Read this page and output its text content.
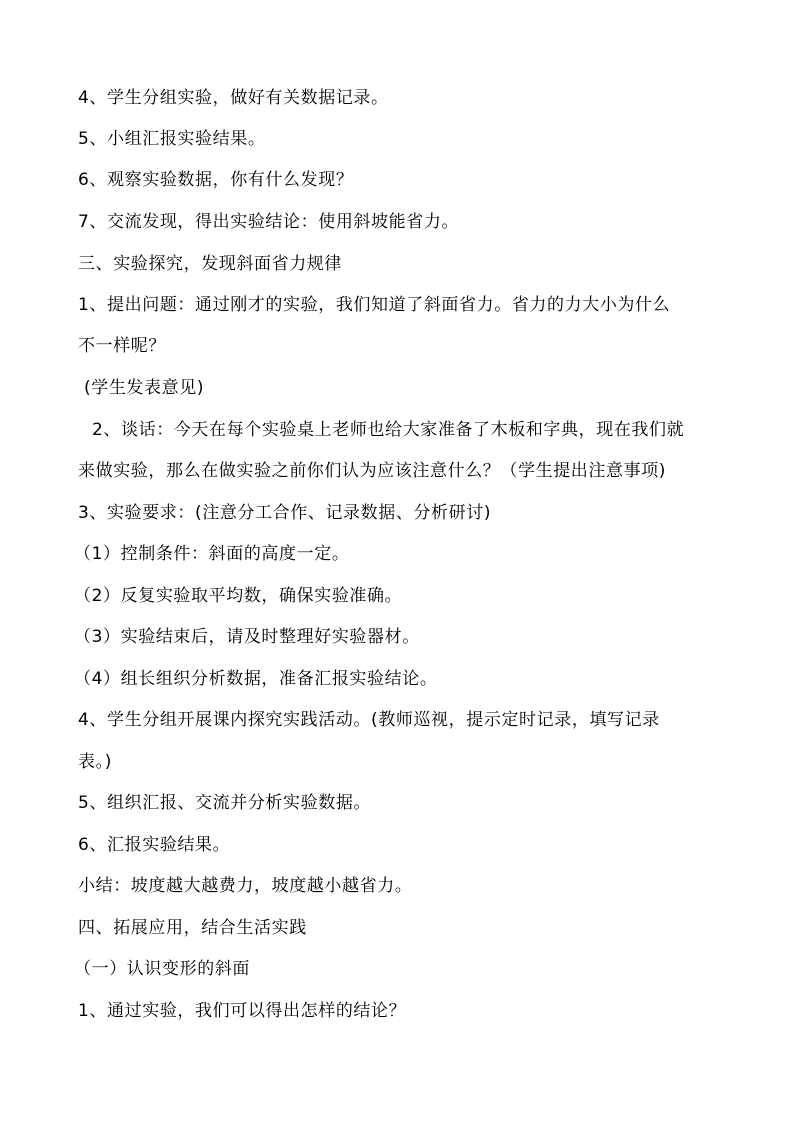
4、学生分组实验，做好有关数据记录。
5、小组汇报实验结果。
6、观察实验数据，你有什么发现？
7、交流发现，得出实验结论：使用斜坡能省力。
三、实验探究，发现斜面省力规律
1、提出问题：通过刚才的实验，我们知道了斜面省力。省力的力大小为什么
不一样呢？
(学生发表意见)
2、谈话：今天在每个实验桌上老师也给大家准备了木板和字典，现在我们就
来做实验，那么在做实验之前你们认为应该注意什么？（学生提出注意事项)
3、实验要求：(注意分工合作、记录数据、分析研讨)
（1）控制条件：斜面的高度一定。
（2）反复实验取平均数，确保实验准确。
（3）实验结束后，请及时整理好实验器材。
（4）组长组织分析数据，准备汇报实验结论。
4、学生分组开展课内探究实践活动。(教师巡视，提示定时记录，填写记录
表。)
5、组织汇报、交流并分析实验数据。
6、汇报实验结果。
小结：坡度越大越费力，坡度越小越省力。
四、拓展应用，结合生活实践
（一）认识变形的斜面
1、通过实验，我们可以得出怎样的结论？
